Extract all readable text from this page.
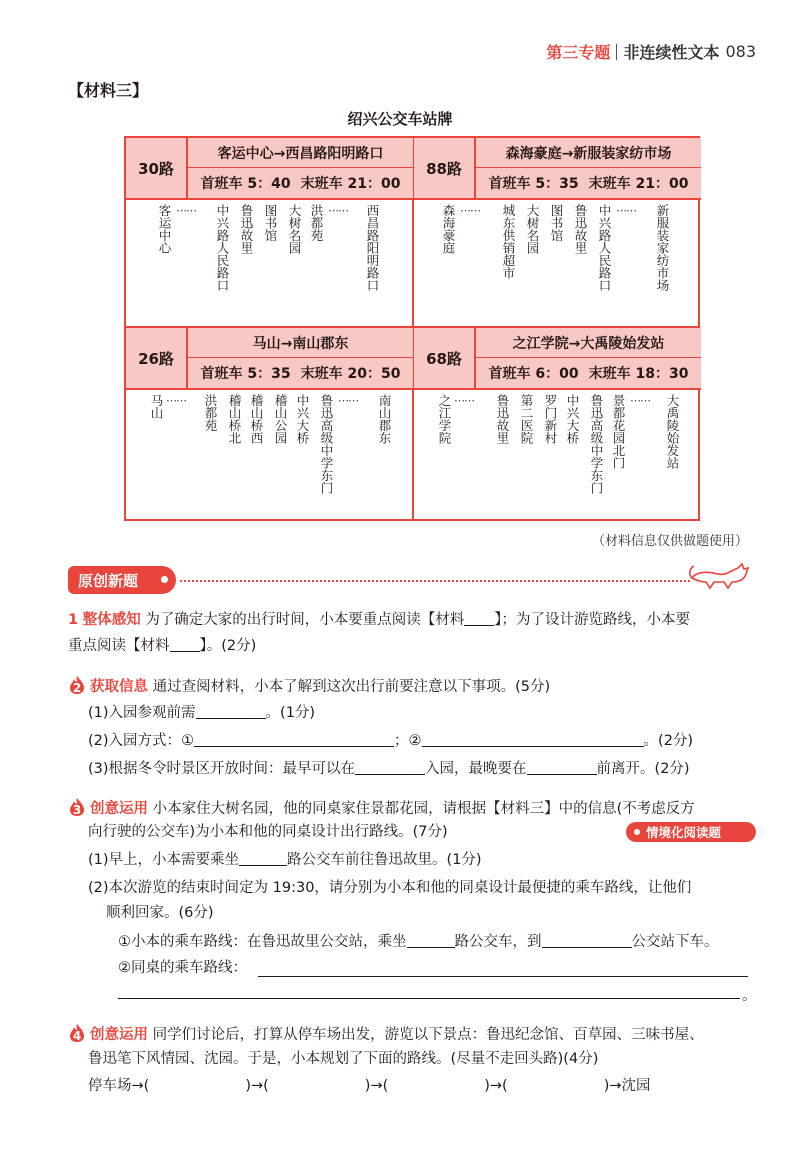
第三专题 非连续性文本 083
【材料三】
绍兴公交车站牌
30路
客运中心→西昌路阳明路口
首班车 5：40 末班车 21：00
客运中心 ⋯⋯ 中兴路人民路口 鲁迅故里 图书馆 大树名园 洪都苑 ⋯⋯ 西昌路阳明路口
88路
森海豪庭→新服装家纺市场
首班车 5：35 末班车 21：00
森海豪庭 ⋯⋯ 城东供销超市 大树名园 图书馆 鲁迅故里 中兴路人民路口 ⋯⋯ 新服装家纺市场
26路
马山→南山郡东
首班车 5：35 末班车 20：50
马山 ⋯⋯ 洪都苑 稽山桥北 稽山桥西 稽山公园 中兴大桥 鲁迅高级中学东门 ⋯⋯ 南山郡东
68路
之江学院→大禹陵始发站
首班车 6：00 末班车 18：30
之江学院 ⋯⋯ 鲁迅故里 第二医院 罗门新村 中兴大桥 鲁迅高级中学东门 景都花园北门 ⋯⋯ 大禹陵始发站
（材料信息仅供做题使用）
原创新题
1 整体感知 为了确定大家的出行时间，小本要重点阅读【材料 】；为了设计游览路线，小本要
重点阅读【材料 】。(2分)
2 获取信息 通过查阅材料，小本了解到这次出行前要注意以下事项。(5分)
(1)入园参观前需	。(1分)
(2)入园方式：①	；②	。(2分)
(3)根据冬令时景区开放时间：最早可以在	入园，最晚要在	前离开。(2分)
3 创意运用 小本家住大树名园，他的同桌家住景都花园，请根据【材料三】中的信息(不考虑反方
向行驶的公交车)为小本和他的同桌设计出行路线。(7分)	情境化阅读题
(1)早上，小本需要乘坐	路公交车前往鲁迅故里。(1分)
(2)本次游览的结束时间定为 19:30，请分别为小本和他的同桌设计最便捷的乘车路线，让他们
顺利回家。(6分)
①小本的乘车路线：在鲁迅故里公交站，乘坐	路公交车，到	公交站下车。
②同桌的乘车路线：
。
4 创意运用 同学们讨论后，打算从停车场出发，游览以下景点：鲁迅纪念馆、百草园、三味书屋、
鲁迅笔下风情园、沈园。于是，小本规划了下面的路线。(尽量不走回头路)(4分)
停车场→(	)→(	)→(	)→(	)→沈园
